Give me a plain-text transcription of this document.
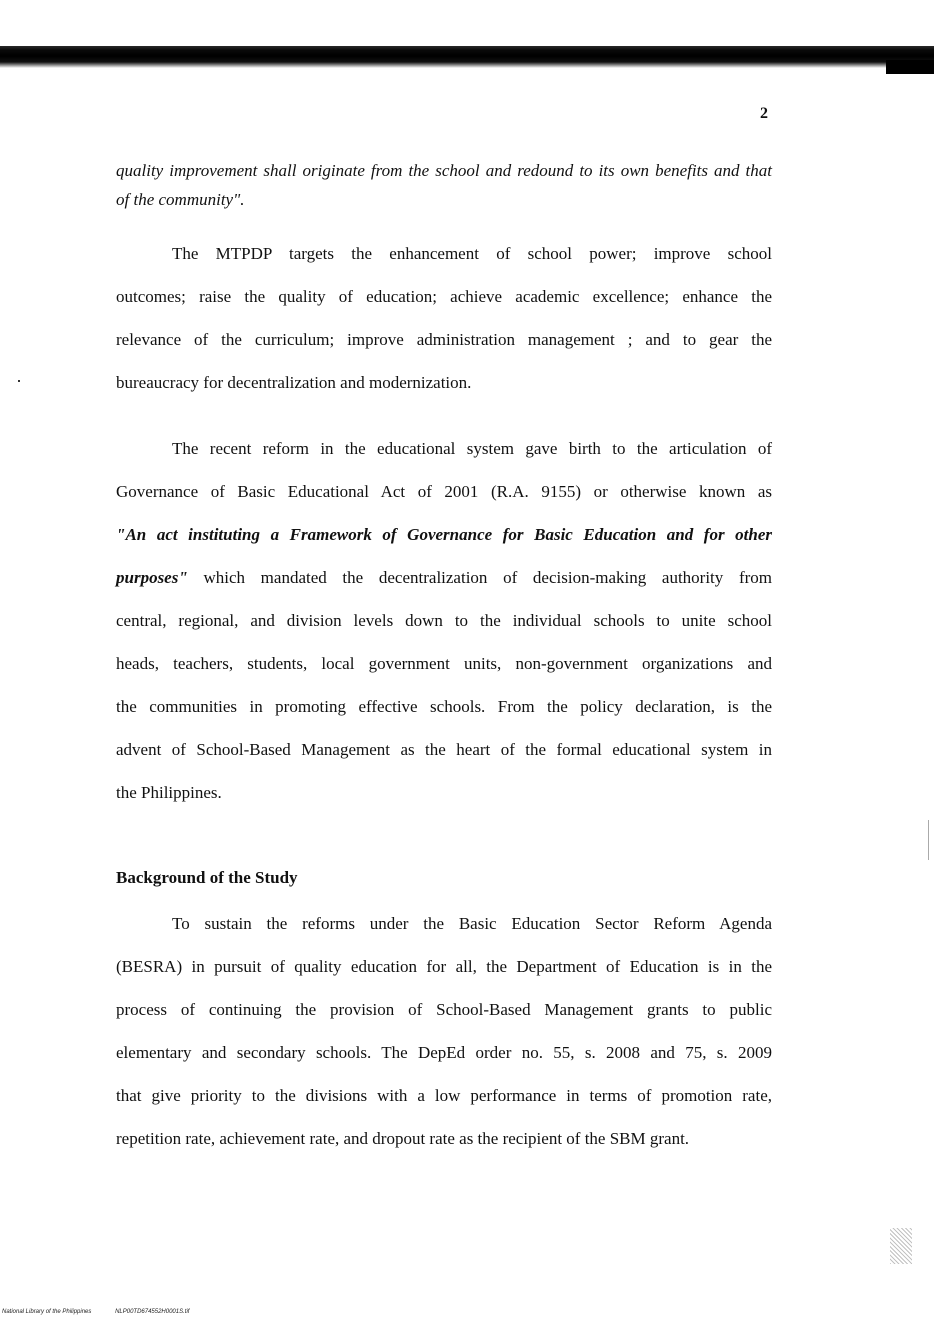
2

quality improvement shall originate from the school and redound to its own benefits and that

of the community".

The MTPDP targets the enhancement of school power; improve school

outcomes; raise the quality of education; achieve academic excellence; enhance the

relevance of the curriculum; improve administration management ; and to gear the

bureaucracy for decentralization and modernization.

The recent reform in the educational system gave birth to the articulation of

Governance of Basic Educational Act of 2001 (R.A. 9155) or otherwise known as

"An act instituting a Framework of Governance for Basic Education and for other

purposes" which mandated the decentralization of decision-making authority from

central, regional, and division levels down to the individual schools to unite school

heads, teachers, students, local government units, non-government organizations and

the communities in promoting effective schools. From the policy declaration, is the

advent of School-Based Management as the heart of the formal educational system in

the Philippines.

Background of the Study

To sustain the reforms under the Basic Education Sector Reform Agenda

(BESRA) in pursuit of quality education for all, the Department of Education is in the

process of continuing the provision of School-Based Management grants to public

elementary and secondary schools. The DepEd order no. 55, s. 2008 and 75, s. 2009

that give priority to the divisions with a low performance in terms of promotion rate,

repetition rate, achievement rate, and dropout rate as the recipient of the SBM grant.

National Library of the Philippines	NLP00TD674552H0001S.tif
